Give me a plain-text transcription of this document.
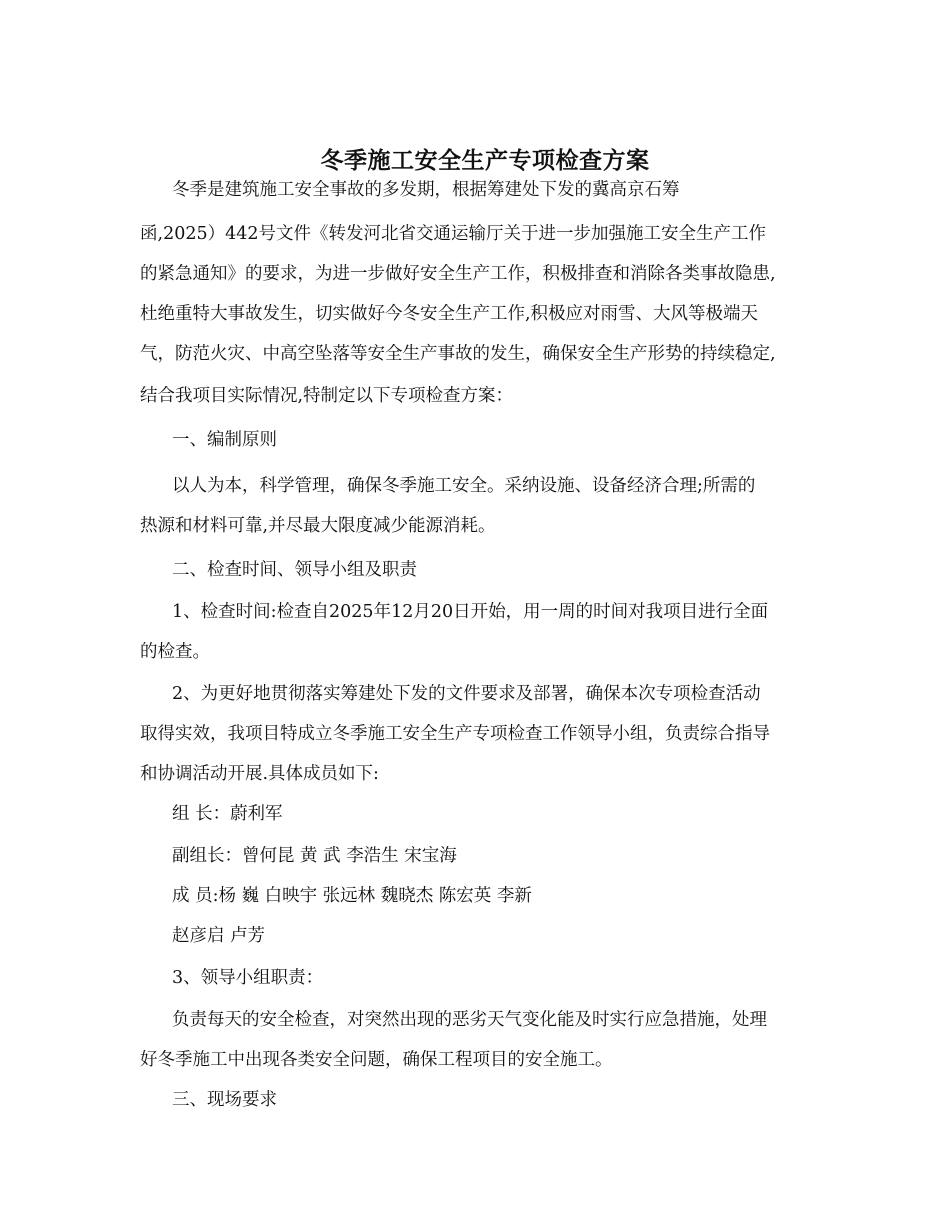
冬季施工安全生产专项检查方案
冬季是建筑施工安全事故的多发期，根据筹建处下发的冀高京石筹
函,2025）442号文件《转发河北省交通运输厅关于进一步加强施工安全生产工作
的紧急通知》的要求，为进一步做好安全生产工作，积极排查和消除各类事故隐患,
杜绝重特大事故发生，切实做好今冬安全生产工作,积极应对雨雪、大风等极端天
气，防范火灾、中高空坠落等安全生产事故的发生，确保安全生产形势的持续稳定,
结合我项目实际情况,特制定以下专项检查方案：
一、编制原则
以人为本，科学管理，确保冬季施工安全。采纳设施、设备经济合理;所需的
热源和材料可靠,并尽最大限度减少能源消耗。
二、检查时间、领导小组及职责
1、检查时间:检查自2025年12月20日开始，用一周的时间对我项目进行全面
的检查。
2、为更好地贯彻落实筹建处下发的文件要求及部署，确保本次专项检查活动
取得实效，我项目特成立冬季施工安全生产专项检查工作领导小组，负责综合指导
和协调活动开展.具体成员如下:
组 长：蔚利军
副组长：曾何昆 黄 武 李浩生 宋宝海
成 员:杨 巍 白映宇 张远林 魏晓杰 陈宏英 李新
赵彦启 卢芳
3、领导小组职责：
负责每天的安全检查，对突然出现的恶劣天气变化能及时实行应急措施，处理
好冬季施工中出现各类安全问题，确保工程项目的安全施工。
三、现场要求
